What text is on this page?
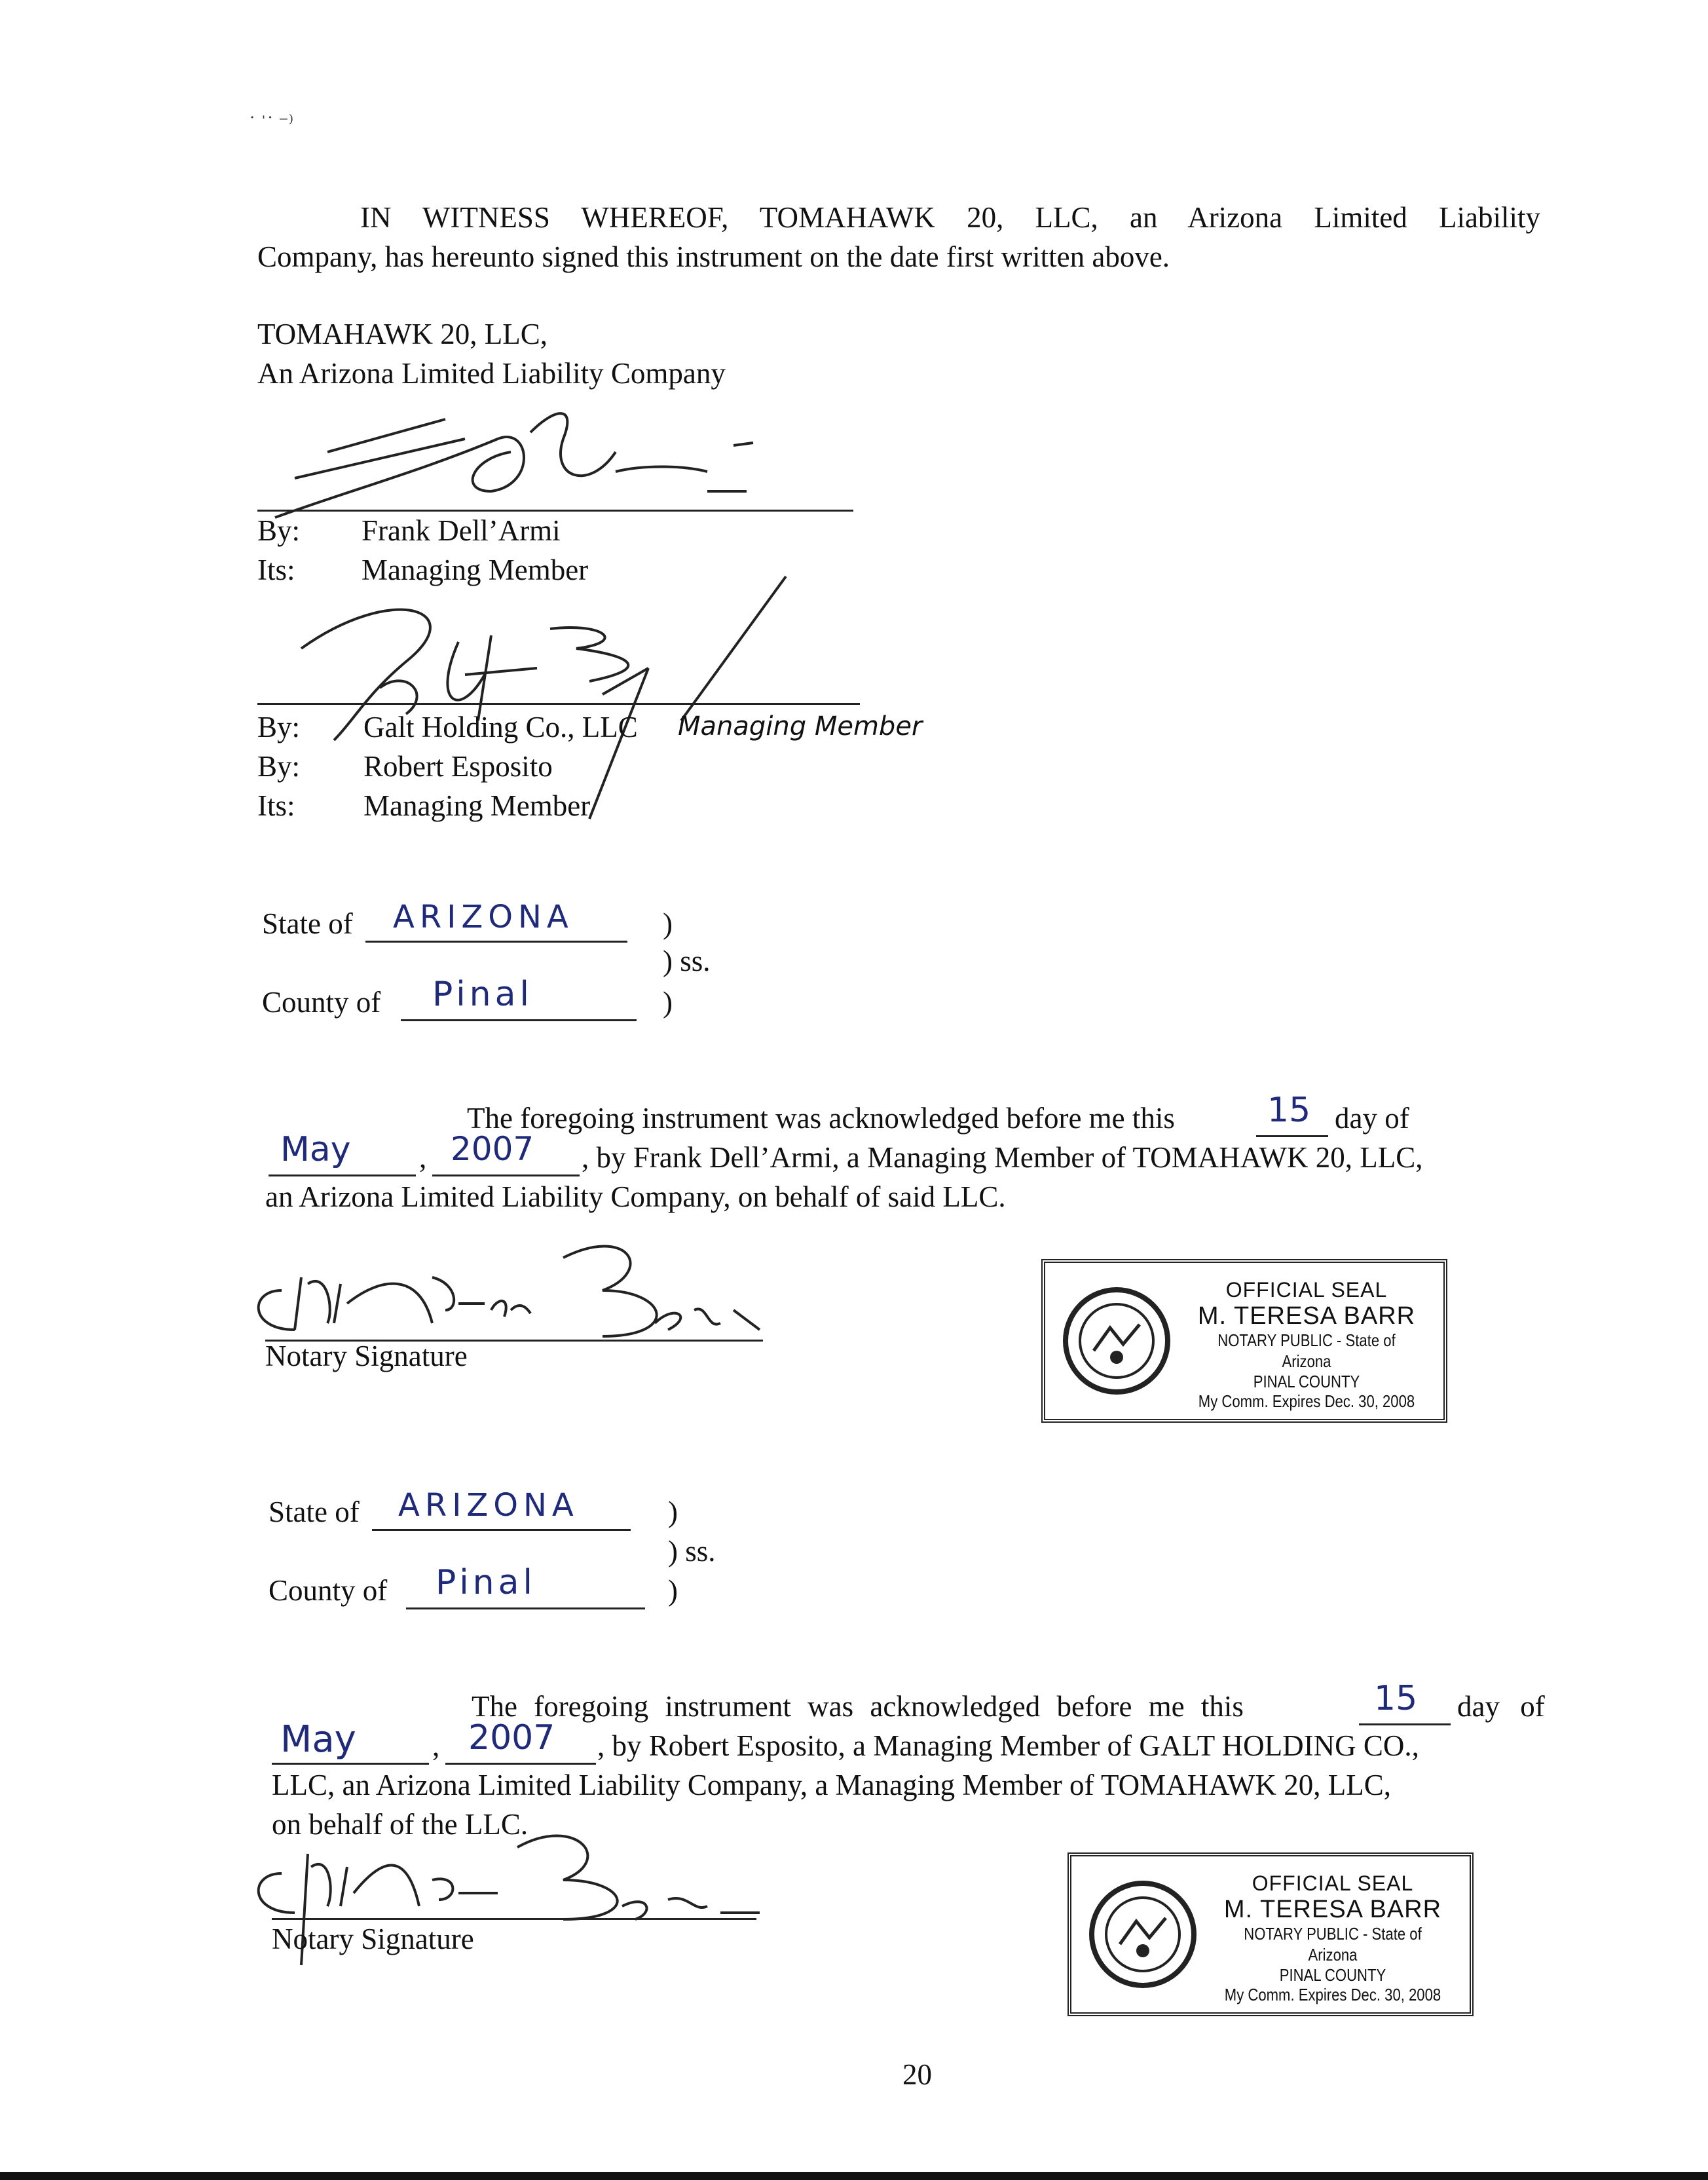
˙ ˈ˙ ⁻⁾
IN WITNESS WHEREOF, TOMAHAWK 20, LLC, an Arizona Limited Liability
Company, has hereunto signed this instrument on the date first written above.
TOMAHAWK 20, LLC,
An Arizona Limited Liability Company
By: Frank Dell’Armi
Its: Managing Member
By: Galt Holding Co., LLC Managing Member
By: Robert Esposito
Its: Managing Member
State of ARIZONA	)
) ss.
County of Pinal	)
The foregoing instrument was acknowledged before me this	15 day of
May , 2007 , by Frank Dell’Armi, a Managing Member of TOMAHAWK 20, LLC,
an Arizona Limited Liability Company, on behalf of said LLC.
Notary Signature
OFFICIAL SEAL
M. TERESA BARR
NOTARY PUBLIC - State of Arizona
PINAL COUNTY
My Comm. Expires Dec. 30, 2008
State of ARIZONA	)
) ss.
County of Pinal	)
The foregoing instrument was acknowledged before me this	15 day of
May	, 2007 , by Robert Esposito, a Managing Member of GALT HOLDING CO.,
LLC, an Arizona Limited Liability Company, a Managing Member of TOMAHAWK 20, LLC,
on behalf of the LLC.
Notary Signature
OFFICIAL SEAL
M. TERESA BARR
NOTARY PUBLIC - State of Arizona
PINAL COUNTY
My Comm. Expires Dec. 30, 2008
20
